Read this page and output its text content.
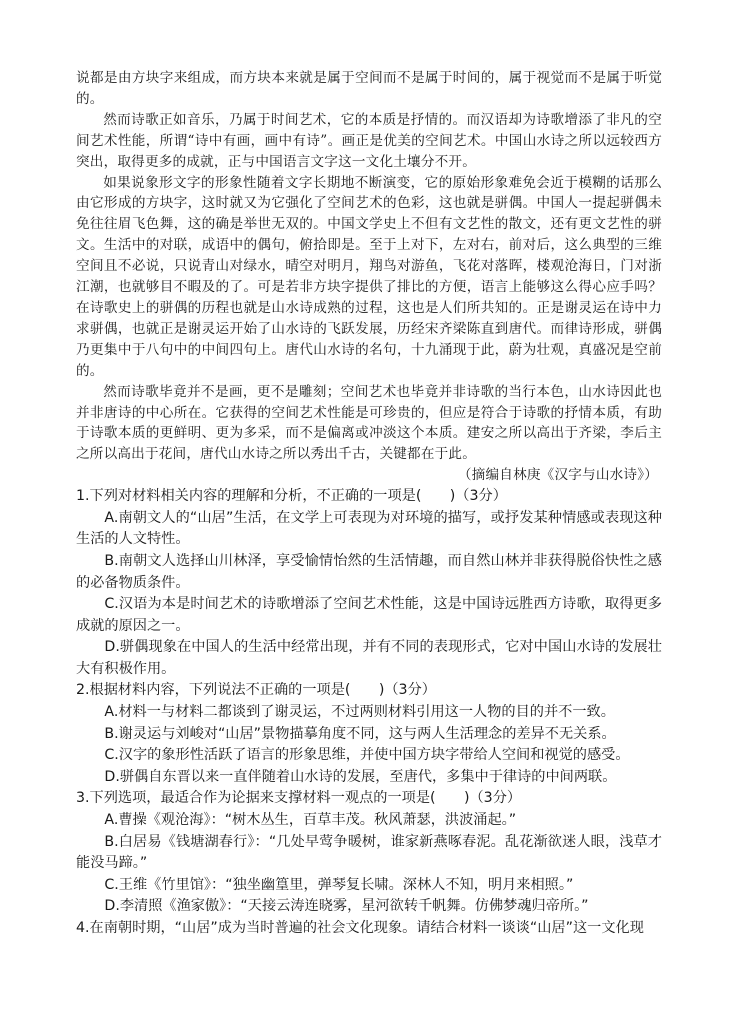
说都是由方块字来组成，而方块本来就是属于空间而不是属于时间的，属于视觉而不是属于听觉的。

然而诗歌正如音乐，乃属于时间艺术，它的本质是抒情的。而汉语却为诗歌增添了非凡的空间艺术性能，所谓“诗中有画，画中有诗”。画正是优美的空间艺术。中国山水诗之所以远较西方突出，取得更多的成就，正与中国语言文字这一文化土壤分不开。

如果说象形文字的形象性随着文字长期地不断演变，它的原始形象难免会近于模糊的话那么由它形成的方块字，这时就又为它强化了空间艺术的色彩，这也就是骈偶。中国人一提起骈偶未免往往眉飞色舞，这的确是举世无双的。中国文学史上不但有文艺性的散文，还有更文艺性的骈文。生活中的对联，成语中的偶句，俯拾即是。至于上对下，左对右，前对后，这么典型的三维空间且不必说，只说青山对绿水，晴空对明月，翔鸟对游鱼，飞花对落晖，楼观沧海日，门对浙江潮，也就够目不暇及的了。可是若非方块字提供了排比的方便，语言上能够这么得心应手吗？在诗歌史上的骈偶的历程也就是山水诗成熟的过程，这也是人们所共知的。正是谢灵运在诗中力求骈偶，也就正是谢灵运开始了山水诗的飞跃发展，历经宋齐梁陈直到唐代。而律诗形成，骈偶乃更集中于八句中的中间四句上。唐代山水诗的名句，十九涌现于此，蔚为壮观，真盛况是空前的。

然而诗歌毕竟并不是画，更不是雕刻；空间艺术也毕竟并非诗歌的当行本色，山水诗因此也并非唐诗的中心所在。它获得的空间艺术性能是可珍贵的，但应是符合于诗歌的抒情本质，有助于诗歌本质的更鲜明、更为多采，而不是偏离或冲淡这个本质。建安之所以高出于齐梁，李后主之所以高出于花间，唐代山水诗之所以秀出千古，关键都在于此。

（摘编自林庚《汉字与山水诗》）

1.下列对材料相关内容的理解和分析，不正确的一项是(　　)（3分）

A.南朝文人的“山居”生活，在文学上可表现为对环境的描写，或抒发某种情感或表现这种生活的人文特性。

B.南朝文人选择山川林泽，享受愉情怡然的生活情趣，而自然山林并非获得脱俗快性之感的必备物质条件。

C.汉语为本是时间艺术的诗歌增添了空间艺术性能，这是中国诗远胜西方诗歌，取得更多成就的原因之一。

D.骈偶现象在中国人的生活中经常出现，并有不同的表现形式，它对中国山水诗的发展壮大有积极作用。

2.根据材料内容，下列说法不正确的一项是(　　)（3分）

A.材料一与材料二都谈到了谢灵运，不过两则材料引用这一人物的目的并不一致。

B.谢灵运与刘峻对“山居”景物描摹角度不同，这与两人生活理念的差异不无关系。

C.汉字的象形性活跃了语言的形象思维，并使中国方块字带给人空间和视觉的感受。

D.骈偶自东晋以来一直伴随着山水诗的发展，至唐代，多集中于律诗的中间两联。

3.下列选项，最适合作为论据来支撑材料一观点的一项是(　　)（3分）

A.曹操《观沧海》：“树木丛生，百草丰茂。秋风萧瑟，洪波涌起。”

B.白居易《钱塘湖春行》：“几处早莺争暖树，谁家新燕啄春泥。乱花渐欲迷人眼，浅草才能没马蹄。”

C.王维《竹里馆》：“独坐幽篁里，弹琴复长啸。深林人不知，明月来相照。”

D.李清照《渔家傲》：“天接云涛连晓雾，星河欲转千帆舞。仿佛梦魂归帝所。”

4.在南朝时期，“山居”成为当时普遍的社会文化现象。请结合材料一谈谈“山居”这一文化现
